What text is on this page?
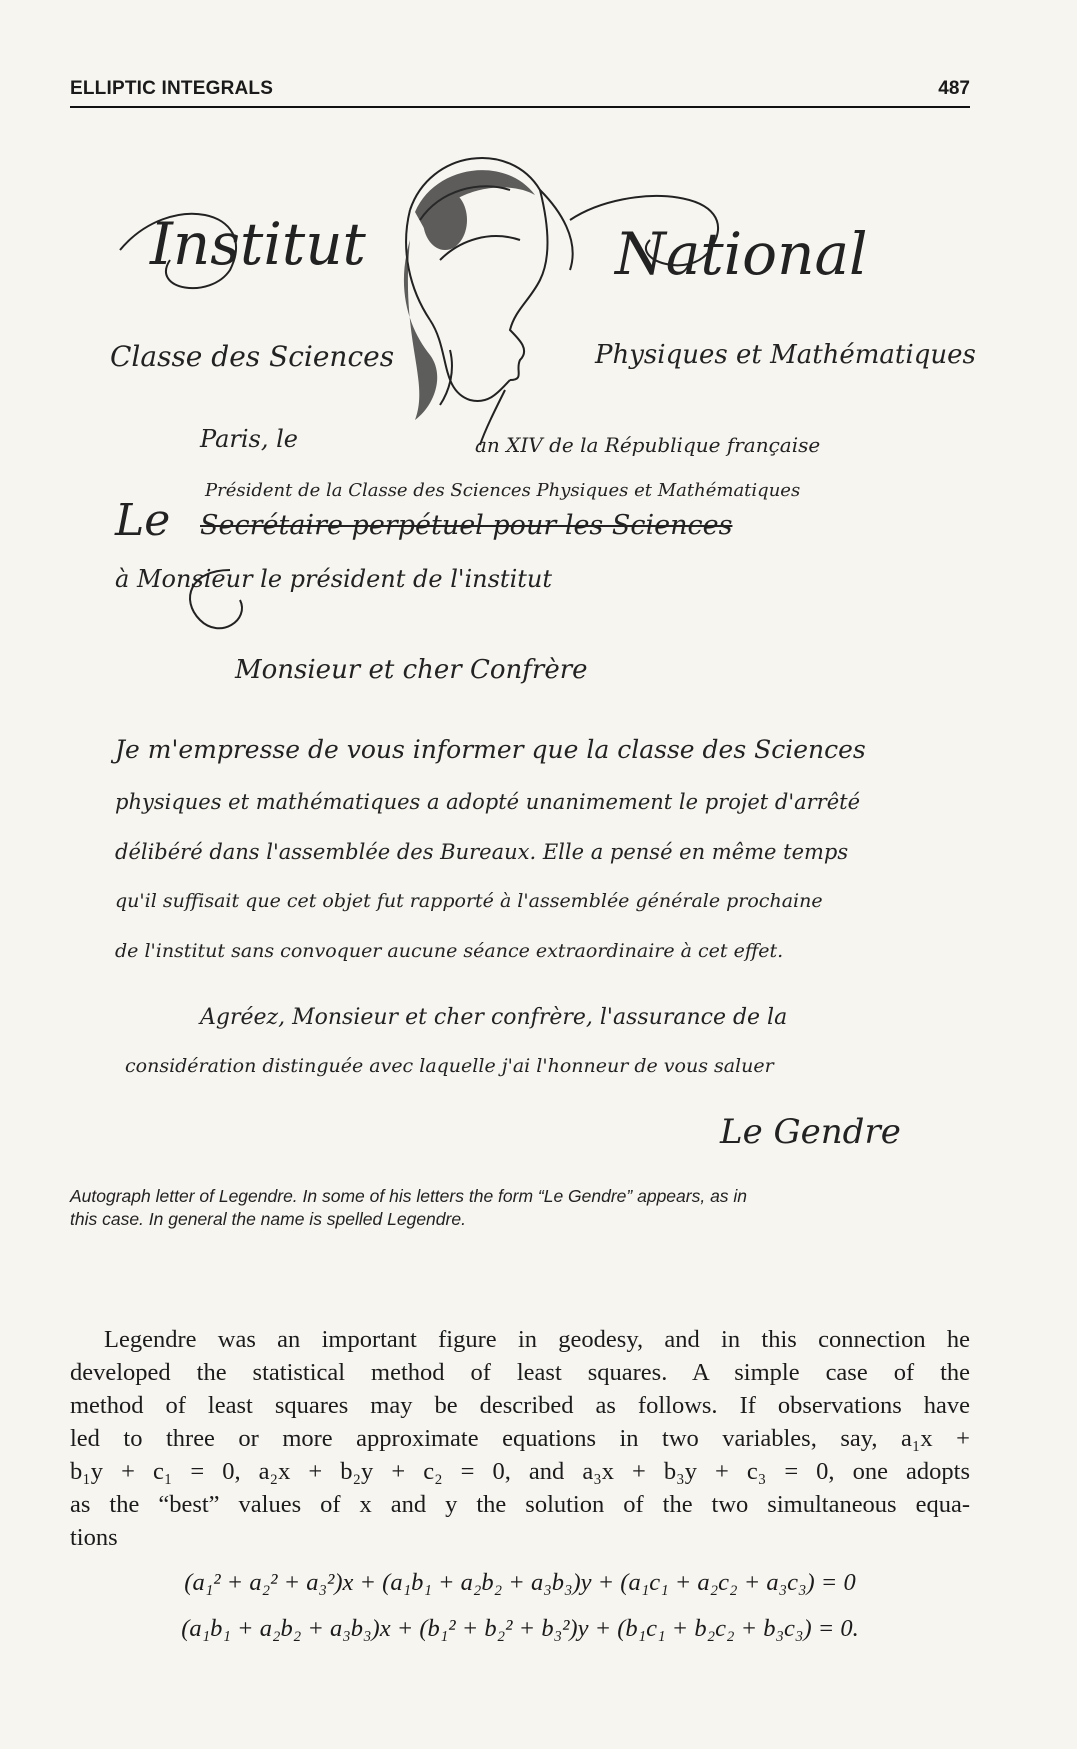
ELLIPTIC INTEGRALS	487
Institut	National
Classe des Sciences	Physiques et Mathématiques
Paris, le	an XIV de la République française
Président de la Classe des Sciences Physiques et Mathématiques
Le Secrétaire perpétuel pour les Sciences
à Monsieur le président de l'institut
Monsieur et cher Confrère
Je m'empresse de vous informer que la classe des Sciences
physiques et mathématiques a adopté unanimement le projet d'arrêté
délibéré dans l'assemblée des Bureaux. Elle a pensé en même temps
qu'il suffisait que cet objet fut rapporté à l'assemblée générale prochaine
de l'institut sans convoquer aucune séance extraordinaire à cet effet.
Agréez, Monsieur et cher confrère, l'assurance de la
considération distinguée avec laquelle j'ai l'honneur de vous saluer
Le Gendre
Autograph letter of Legendre. In some of his letters the form “Le Gendre” appears, as in
this case. In general the name is spelled Legendre.
Legendre was an important figure in geodesy, and in this connection he
developed the statistical method of least squares. A simple case of the
method of least squares may be described as follows. If observations have
led to three or more approximate equations in two variables, say, a₁x +
b₁y + c₁ = 0, a₂x + b₂y + c₂ = 0, and a₃x + b₃y + c₃ = 0, one adopts
as the “best” values of x and y the solution of the two simultaneous equa-
tions
(a₁² + a₂² + a₃²)x + (a₁b₁ + a₂b₂ + a₃b₃)y + (a₁c₁ + a₂c₂ + a₃c₃) = 0
(a₁b₁ + a₂b₂ + a₃b₃)x + (b₁² + b₂² + b₃²)y + (b₁c₁ + b₂c₂ + b₃c₃) = 0.
